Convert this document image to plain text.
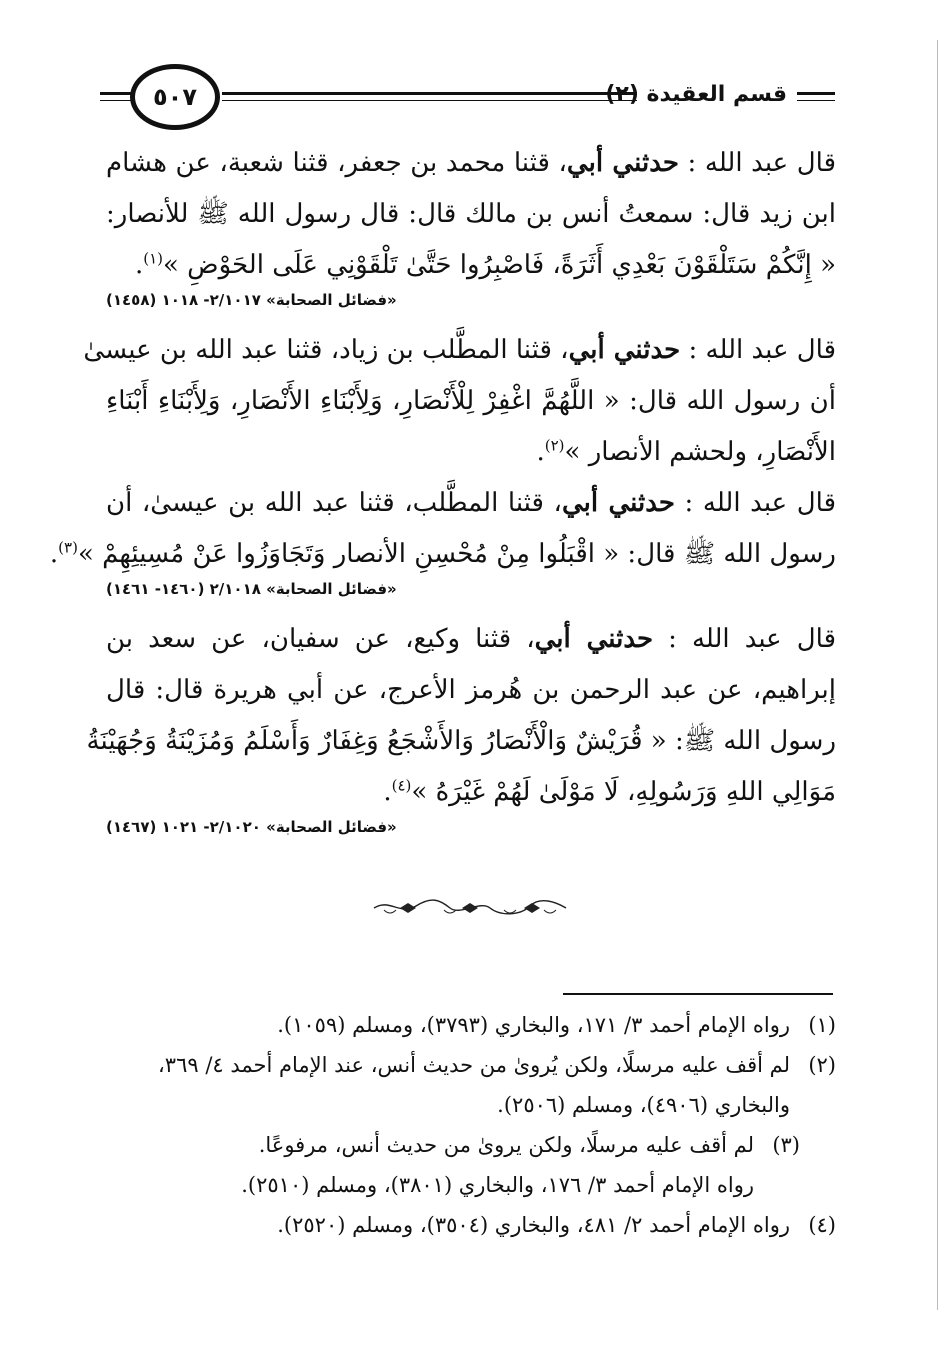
قسم العقيدة (٢)
٥٠٧
قال عبد الله : حدثني أبي، قثنا محمد بن جعفر، قثنا شعبة، عن هشام
ابن زيد قال: سمعتُ أنس بن مالك قال: قال رسول الله ﷺ للأنصار:
« إِنَّكُمْ سَتَلْقَوْنَ بَعْدِي أَثَرَةً، فَاصْبِرُوا حَتَّىٰ تَلْقَوْنِي عَلَى الحَوْضِ »$^{(١)}$.
«فضائل الصحابة» ٢/١٠١٧- ١٠١٨ (١٤٥٨)
قال عبد الله : حدثني أبي، قثنا المطَّلب بن زياد، قثنا عبد الله بن عيسىٰ
أن رسول الله قال: « اللَّهُمَّ اغْفِرْ لِلْأَنْصَارِ، وَلِأَبْنَاءِ الأَنْصَارِ، وَلِأَبْنَاءِ أَبْنَاءِ
الأَنْصَارِ، ولحشم الأنصار »$^{(٢)}$.
قال عبد الله : حدثني أبي، قثنا المطَّلب، قثنا عبد الله بن عيسىٰ، أن
رسول الله ﷺ قال: « اقْبَلُوا مِنْ مُحْسِنِ الأنصار وَتَجَاوَزُوا عَنْ مُسِيئِهِمْ »$^{(٣)}$.
«فضائل الصحابة» ٢/١٠١٨ (١٤٦٠- ١٤٦١)
قال عبد الله : حدثني أبي، قثنا وكيع، عن سفيان، عن سعد بن
إبراهيم، عن عبد الرحمن بن هُرمز الأعرج، عن أبي هريرة قال: قال
رسول الله ﷺ: « قُرَيْشٌ وَالْأَنْصَارُ وَالأَشْجَعُ وَغِفَارٌ وَأَسْلَمُ وَمُزَيْنَةُ وَجُهَيْنَةُ
مَوَالِي اللهِ وَرَسُولِهِ، لَا مَوْلَىٰ لَهُمْ غَيْرَهُ »$^{(٤)}$.
«فضائل الصحابة» ٢/١٠٢٠- ١٠٢١ (١٤٦٧)
(١)
رواه الإمام أحمد ٣/ ١٧١، والبخاري (٣٧٩٣)، ومسلم (١٠٥٩).
(٢)
لم أقف عليه مرسلًا، ولكن يُروىٰ من حديث أنس، عند الإمام أحمد ٤/ ٣٦٩،
والبخاري (٤٩٠٦)، ومسلم (٢٥٠٦).
(٣)
لم أقف عليه مرسلًا، ولكن يروىٰ من حديث أنس، مرفوعًا.
رواه الإمام أحمد ٣/ ١٧٦، والبخاري (٣٨٠١)، ومسلم (٢٥١٠).
(٤)
رواه الإمام أحمد ٢/ ٤٨١، والبخاري (٣٥٠٤)، ومسلم (٢٥٢٠).
